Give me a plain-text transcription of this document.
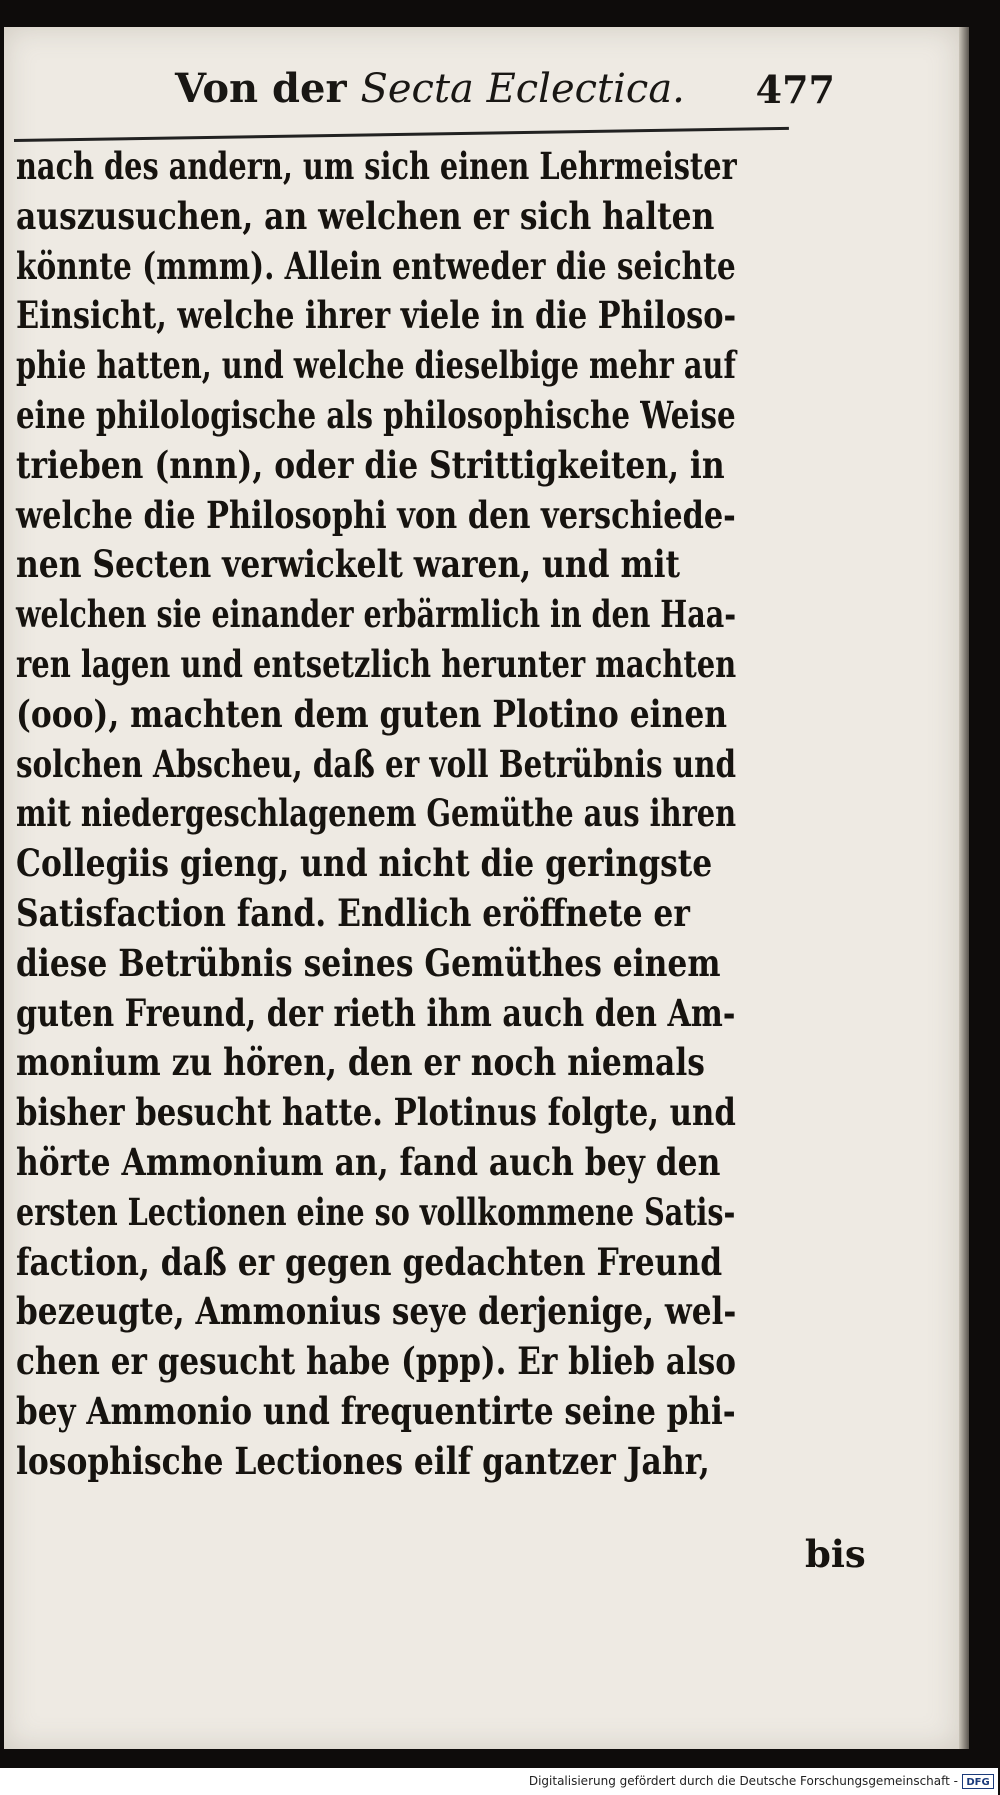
Von der Secta Eclectica. 477
nach des andern, um sich einen Lehrmeister
auszusuchen, an welchen er sich halten
könnte (mmm). Allein entweder die seichte
Einsicht, welche ihrer viele in die Philoso-
phie hatten, und welche dieselbige mehr auf
eine philologische als philosophische Weise
trieben (nnn), oder die Strittigkeiten, in
welche die Philosophi von den verschiede-
nen Secten verwickelt waren, und mit
welchen sie einander erbärmlich in den Haa-
ren lagen und entsetzlich herunter machten
(ooo), machten dem guten Plotino einen
solchen Abscheu, daß er voll Betrübnis und
mit niedergeschlagenem Gemüthe aus ihren
Collegiis gieng, und nicht die geringste
Satisfaction fand. Endlich eröffnete er
diese Betrübnis seines Gemüthes einem
guten Freund, der rieth ihm auch den Am-
monium zu hören, den er noch niemals
bisher besucht hatte. Plotinus folgte, und
hörte Ammonium an, fand auch bey den
ersten Lectionen eine so vollkommene Satis-
faction, daß er gegen gedachten Freund
bezeugte, Ammonius seye derjenige, wel-
chen er gesucht habe (ppp). Er blieb also
bey Ammonio und frequentirte seine phi-
losophische Lectiones eilf gantzer Jahr,
bis
Digitalisierung gefördert durch die Deutsche Forschungsgemeinschaft - DFG
